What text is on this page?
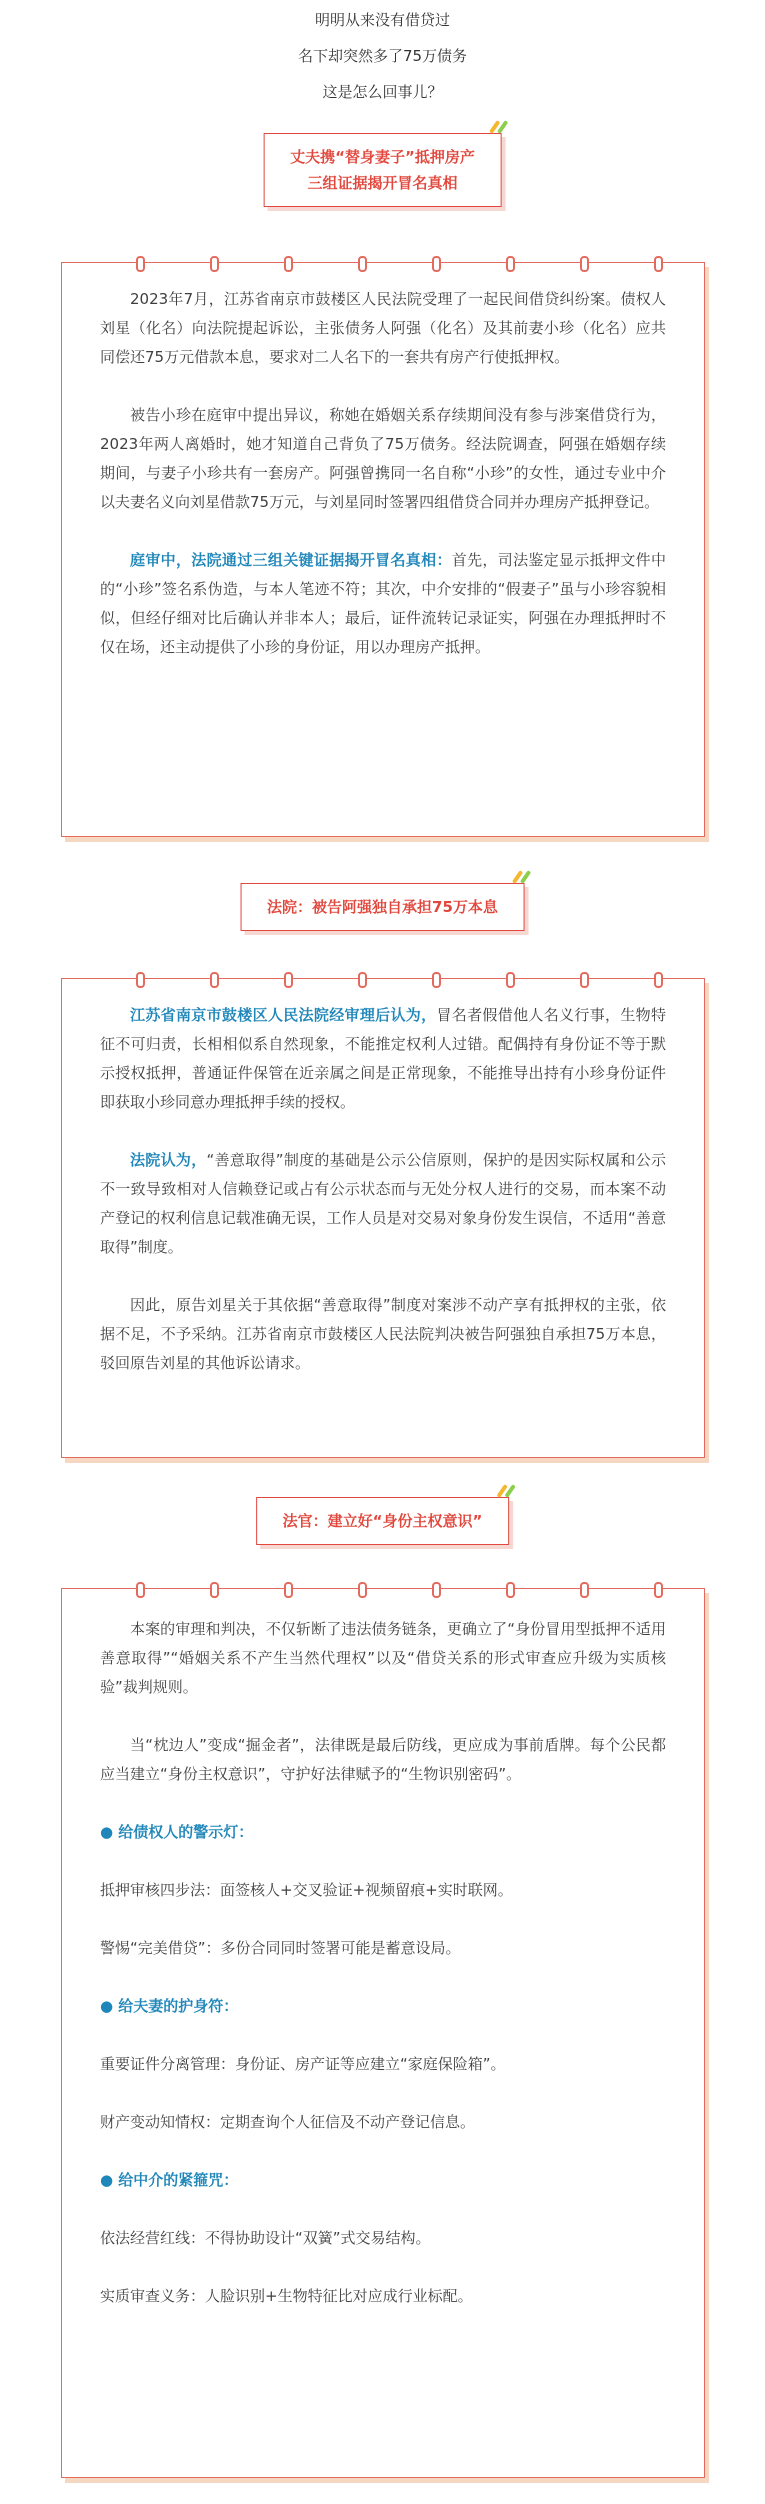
明明从来没有借贷过

名下却突然多了75万债务

这是怎么回事儿？

丈夫携“替身妻子”抵押房产
三组证据揭开冒名真相

2023年7月，江苏省南京市鼓楼区人民法院受理了一起民间借贷纠纷案。债权人刘星（化名）向法院提起诉讼，主张债务人阿强（化名）及其前妻小珍（化名）应共同偿还75万元借款本息，要求对二人名下的一套共有房产行使抵押权。

被告小珍在庭审中提出异议，称她在婚姻关系存续期间没有参与涉案借贷行为，2023年两人离婚时，她才知道自己背负了75万债务。经法院调查，阿强在婚姻存续期间，与妻子小珍共有一套房产。阿强曾携同一名自称“小珍”的女性，通过专业中介以夫妻名义向刘星借款75万元，与刘星同时签署四组借贷合同并办理房产抵押登记。

庭审中，法院通过三组关键证据揭开冒名真相：首先，司法鉴定显示抵押文件中的“小珍”签名系伪造，与本人笔迹不符；其次，中介安排的“假妻子”虽与小珍容貌相似，但经仔细对比后确认并非本人；最后，证件流转记录证实，阿强在办理抵押时不仅在场，还主动提供了小珍的身份证，用以办理房产抵押。

法院：被告阿强独自承担75万本息

江苏省南京市鼓楼区人民法院经审理后认为，冒名者假借他人名义行事，生物特征不可归责，长相相似系自然现象，不能推定权利人过错。配偶持有身份证不等于默示授权抵押，普通证件保管在近亲属之间是正常现象，不能推导出持有小珍身份证件即获取小珍同意办理抵押手续的授权。

法院认为，“善意取得”制度的基础是公示公信原则，保护的是因实际权属和公示不一致导致相对人信赖登记或占有公示状态而与无处分权人进行的交易，而本案不动产登记的权利信息记载准确无误，工作人员是对交易对象身份发生误信，不适用“善意取得”制度。

因此，原告刘星关于其依据“善意取得”制度对案涉不动产享有抵押权的主张，依据不足，不予采纳。江苏省南京市鼓楼区人民法院判决被告阿强独自承担75万本息，驳回原告刘星的其他诉讼请求。

法官：建立好“身份主权意识”

本案的审理和判决，不仅斩断了违法债务链条，更确立了“身份冒用型抵押不适用善意取得”“婚姻关系不产生当然代理权”以及“借贷关系的形式审查应升级为实质核验”裁判规则。

当“枕边人”变成“掘金者”，法律既是最后防线，更应成为事前盾牌。每个公民都应当建立“身份主权意识”，守护好法律赋予的“生物识别密码”。

● 给债权人的警示灯：

抵押审核四步法：面签核人+交叉验证+视频留痕+实时联网。

警惕“完美借贷”：多份合同同时签署可能是蓄意设局。

● 给夫妻的护身符：

重要证件分离管理：身份证、房产证等应建立“家庭保险箱”。

财产变动知情权：定期查询个人征信及不动产登记信息。

● 给中介的紧箍咒：

依法经营红线：不得协助设计“双簧”式交易结构。

实质审查义务：人脸识别+生物特征比对应成行业标配。
